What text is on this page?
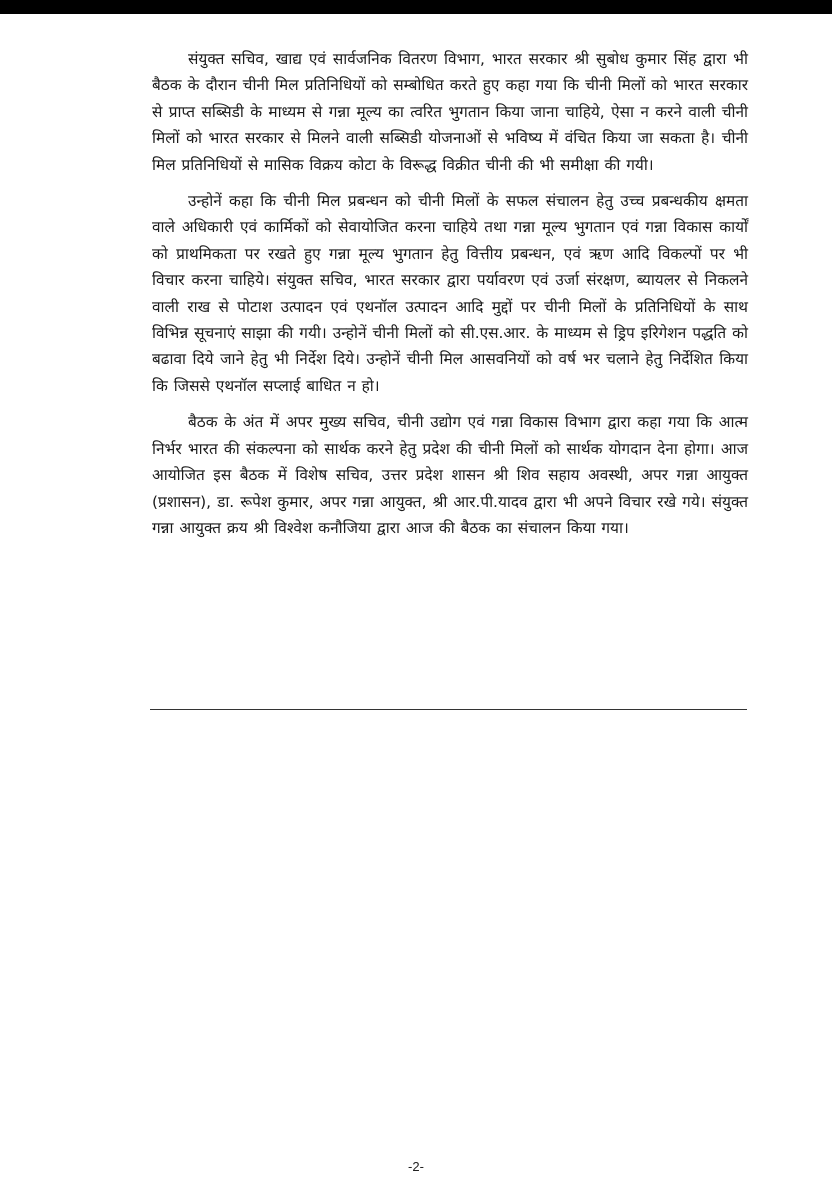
संयुक्त सचिव, खाद्य एवं सार्वजनिक वितरण विभाग, भारत सरकार श्री सुबोध कुमार सिंह द्वारा भी बैठक के दौरान चीनी मिल प्रतिनिधियों को सम्बोधित करते हुए कहा गया कि चीनी मिलों को भारत सरकार से प्राप्त सब्सिडी के माध्यम से गन्ना मूल्य का त्वरित भुगतान किया जाना चाहिये, ऐसा न करने वाली चीनी मिलों को भारत सरकार से मिलने वाली सब्सिडी योजनाओं से भविष्य में वंचित किया जा सकता है। चीनी मिल प्रतिनिधियों से मासिक विक्रय कोटा के विरूद्ध विक्रीत चीनी की भी समीक्षा की गयी।

उन्होनें कहा कि चीनी मिल प्रबन्धन को चीनी मिलों के सफल संचालन हेतु उच्च प्रबन्धकीय क्षमता वाले अधिकारी एवं कार्मिकों को सेवायोजित करना चाहिये तथा गन्ना मूल्य भुगतान एवं गन्ना विकास कार्यों को प्राथमिकता पर रखते हुए गन्ना मूल्य भुगतान हेतु वित्तीय प्रबन्धन, एवं ऋण आदि विकल्पों पर भी विचार करना चाहिये। संयुक्त सचिव, भारत सरकार द्वारा पर्यावरण एवं उर्जा संरक्षण, ब्यायलर से निकलने वाली राख से पोटाश उत्पादन एवं एथनॉल उत्पादन आदि मुद्दों पर चीनी मिलों के प्रतिनिधियों के साथ विभिन्न सूचनाएं साझा की गयी। उन्होनें चीनी मिलों को सी.एस.आर. के माध्यम से ड्रिप इरिगेशन पद्धति को बढावा दिये जाने हेतु भी निर्देश दिये। उन्होनें चीनी मिल आसवनियों को वर्ष भर चलाने हेतु निर्देशित किया कि जिससे एथनॉल सप्लाई बाधित न हो।

बैठक के अंत में अपर मुख्य सचिव, चीनी उद्योग एवं गन्ना विकास विभाग द्वारा कहा गया कि आत्म निर्भर भारत की संकल्पना को सार्थक करने हेतु प्रदेश की चीनी मिलों को सार्थक योगदान देना होगा। आज आयोजित इस बैठक में विशेष सचिव, उत्तर प्रदेश शासन श्री शिव सहाय अवस्थी, अपर गन्ना आयुक्त (प्रशासन), डा. रूपेश कुमार, अपर गन्ना आयुक्त, श्री आर.पी.यादव द्वारा भी अपने विचार रखे गये। संयुक्त गन्ना आयुक्त क्रय श्री विश्वेश कनौजिया द्वारा आज की बैठक का संचालन किया गया।

-2-
